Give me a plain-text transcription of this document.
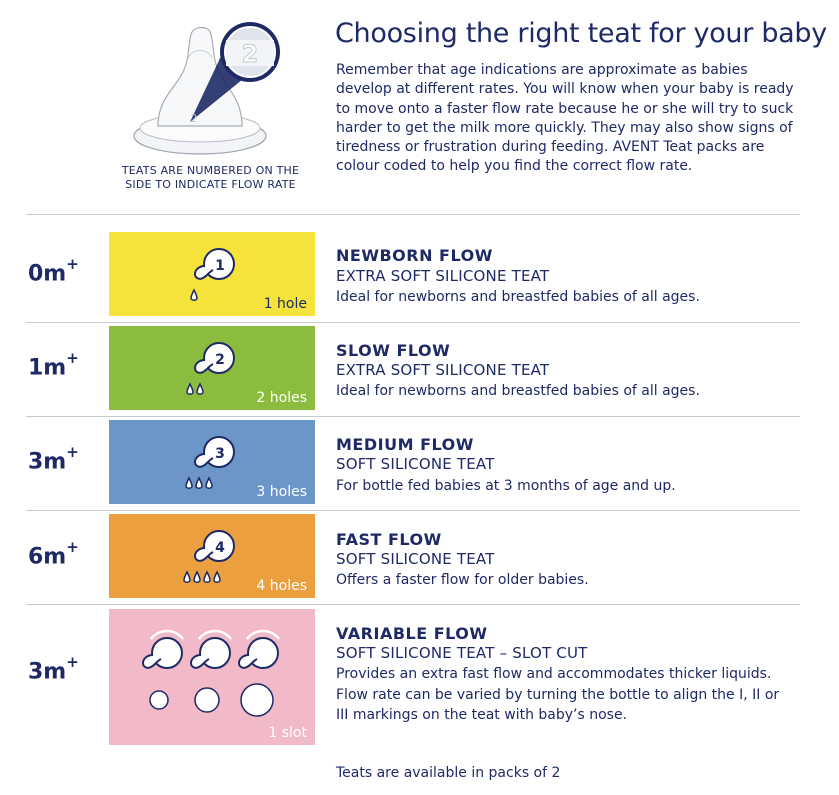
2
2
TEATS ARE NUMBERED ON THE
SIDE TO INDICATE FLOW RATE
Choosing the right teat for your baby
Remember that age indications are approximate as babies develop at different rates. You will know when your baby is ready to move onto a faster flow rate because he or she will try to suck harder to get the milk more quickly. They may also show signs of tiredness or frustration during feeding. AVENT Teat packs are colour coded to help you find the correct flow rate.
0m+	1
1 hole
NEWBORN FLOW
EXTRA SOFT SILICONE TEAT
Ideal for newborns and breastfed babies of all ages.
1m+	2
2 holes
SLOW FLOW
EXTRA SOFT SILICONE TEAT
Ideal for newborns and breastfed babies of all ages.
3m+	3
3 holes
MEDIUM FLOW
SOFT SILICONE TEAT
For bottle fed babies at 3 months of age and up.
6m+	4
4 holes
FAST FLOW
SOFT SILICONE TEAT
Offers a faster flow for older babies.
3m+
1 slot
VARIABLE FLOW
SOFT SILICONE TEAT – SLOT CUT
Provides an extra fast flow and accommodates thicker liquids. Flow rate can be varied by turning the bottle to align the I, II or III markings on the teat with baby’s nose.
Teats are available in packs of 2
